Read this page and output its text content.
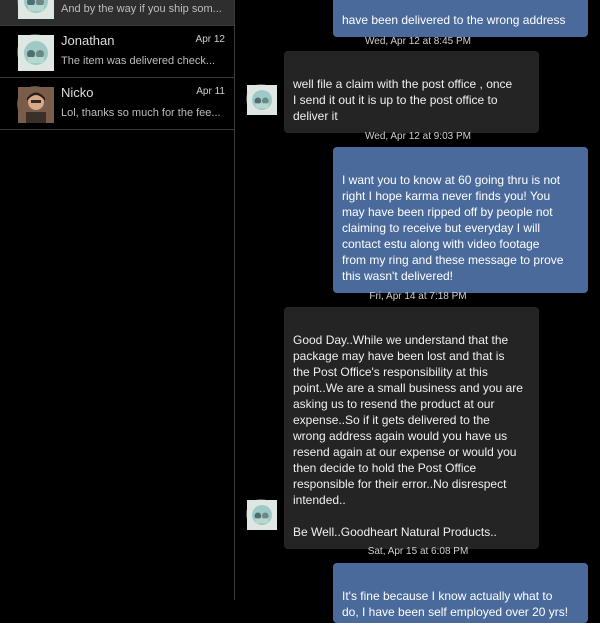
And by the way if you ship som...
Jonathan	Apr 12
The item was delivered check...
Nicko	Apr 11
Lol, thanks so much for the fee...

have been delivered to the wrong address

Wed, Apr 12 at 8:45 PM

well file a claim with the post office , once
I send it out it is up to the post office to
deliver it

Wed, Apr 12 at 9:03 PM

I want you to know at 60 going thru is not
right I hope karma never finds you! You
may have been ripped off by people not
claiming to receive but everyday I will
contact estu along with video footage
from my ring and these message to prove
this wasn't delivered!

Fri, Apr 14 at 7:18 PM

Good Day..While we understand that the
package may have been lost and that is
the Post Office's responsibility at this
point..We are a small business and you are
asking us to resend the product at our
expense..So if it gets delivered to the
wrong address again would you have us
resend again at our expense or would you
then decide to hold the Post Office
responsible for their error..No disrespect
intended..

Be Well..Goodheart Natural Products..

Sat, Apr 15 at 6:08 PM

It's fine because I know actually what to
do, I have been self employed over 20 yrs!
